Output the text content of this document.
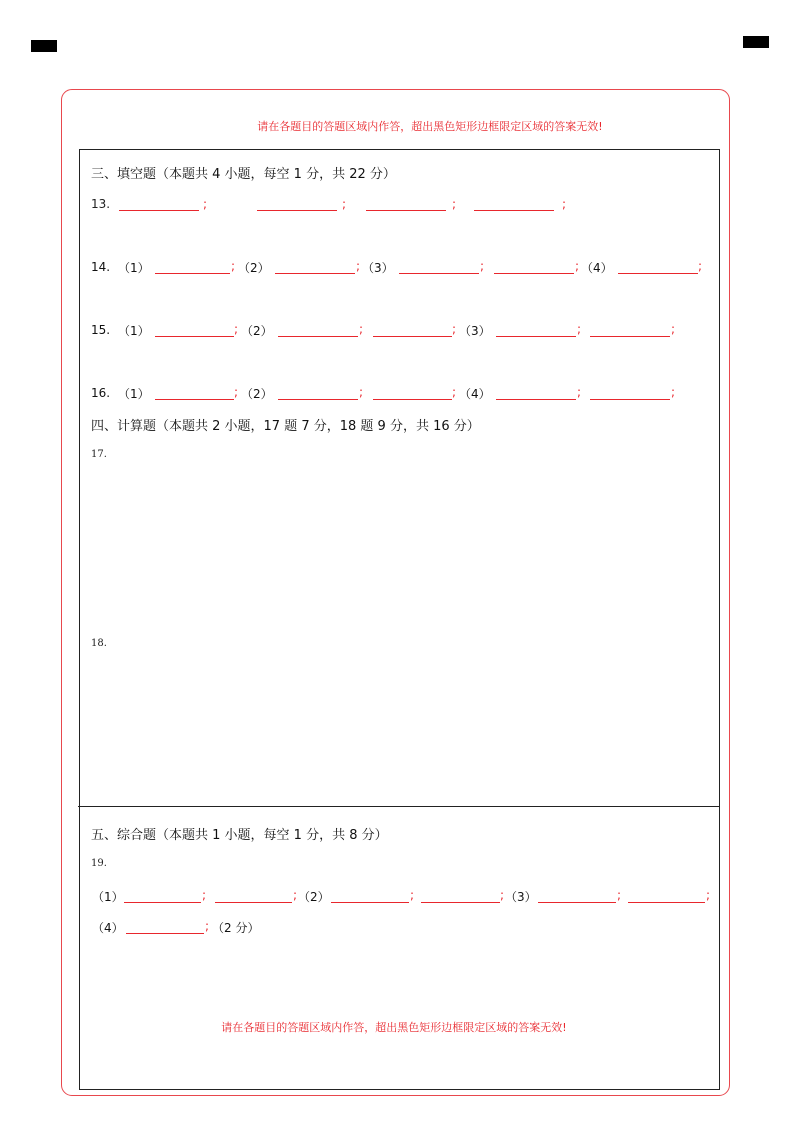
请在各题目的答题区域内作答，超出黑色矩形边框限定区域的答案无效!
三、填空题（本题共 4 小题，每空 1 分，共 22 分）
13.	;	;	;	;
14. （1）	; （2）	; （3）	;	; （4）	;
15. （1）	; （2）	;	; （3）	;	;
16. （1）	; （2）	;	; （4）	;	;
四、计算题（本题共 2 小题，17 题 7 分，18 题 9 分，共 16 分）
17.
18.
五、综合题（本题共 1 小题，每空 1 分，共 8 分）
19.
（1）	;	; （2）	;	; （3）	;	;
（4）	; （2 分）
请在各题目的答题区域内作答，超出黑色矩形边框限定区域的答案无效!
